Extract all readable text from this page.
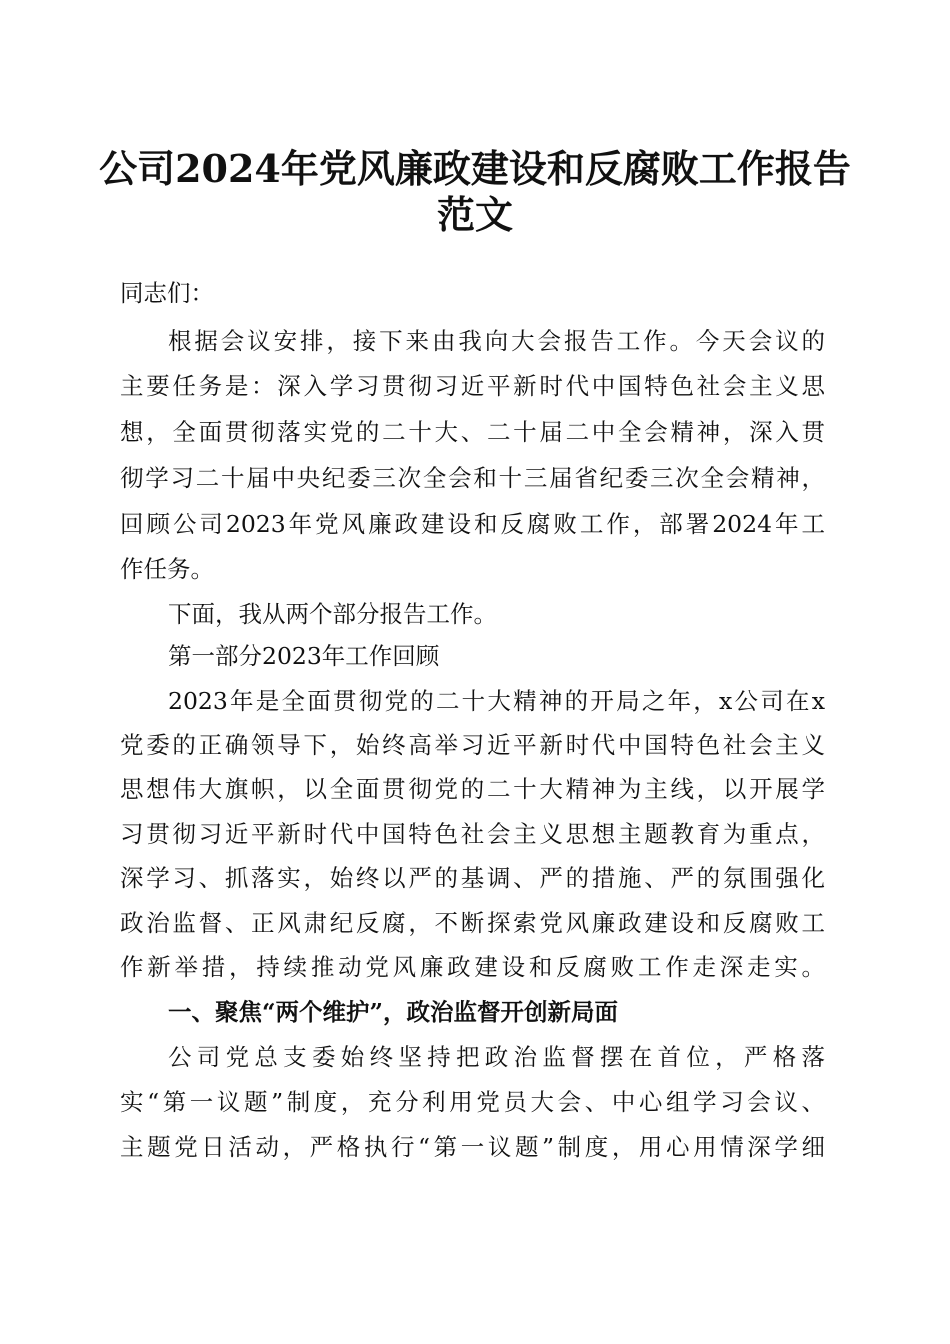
公司2024年党风廉政建设和反腐败工作报告
范文
同志们：
根据会议安排，接下来由我向大会报告工作。今天会议的
主要任务是：深入学习贯彻习近平新时代中国特色社会主义思
想，全面贯彻落实党的二十大、二十届二中全会精神，深入贯
彻学习二十届中央纪委三次全会和十三届省纪委三次全会精神，
回顾公司2023年党风廉政建设和反腐败工作，部署2024年工
作任务。
下面，我从两个部分报告工作。
第一部分2023年工作回顾
2023年是全面贯彻党的二十大精神的开局之年，x公司在x
党委的正确领导下，始终高举习近平新时代中国特色社会主义
思想伟大旗帜，以全面贯彻党的二十大精神为主线，以开展学
习贯彻习近平新时代中国特色社会主义思想主题教育为重点，
深学习、抓落实，始终以严的基调、严的措施、严的氛围强化
政治监督、正风肃纪反腐，不断探索党风廉政建设和反腐败工
作新举措，持续推动党风廉政建设和反腐败工作走深走实。
一、聚焦“两个维护”，政治监督开创新局面
公司党总支委始终坚持把政治监督摆在首位，严格落
实“第一议题”制度，充分利用党员大会、中心组学习会议、
主题党日活动，严格执行“第一议题”制度，用心用情深学细
